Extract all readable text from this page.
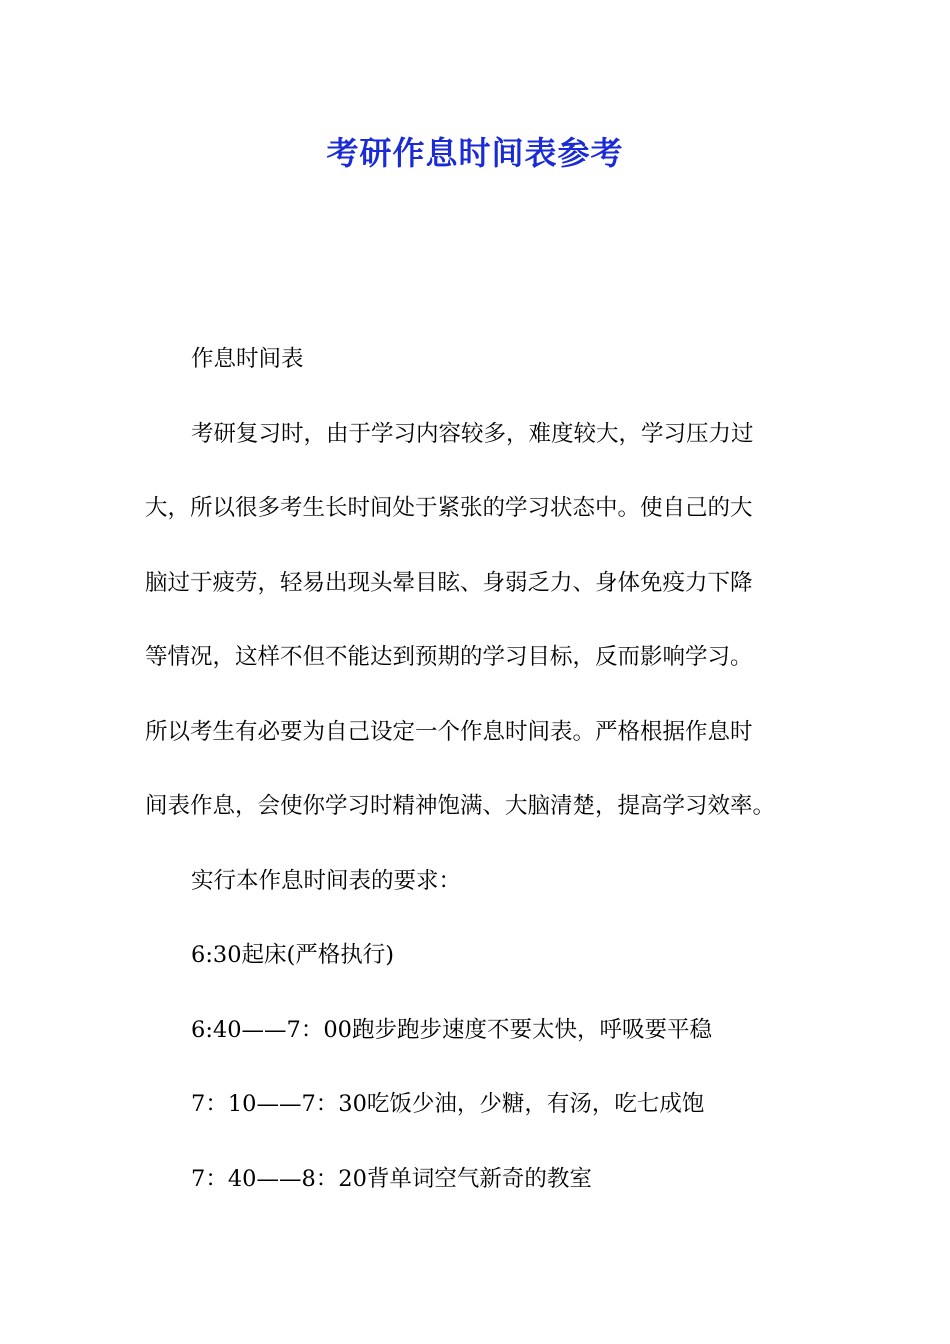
考研作息时间表参考
作息时间表
考研复习时，由于学习内容较多，难度较大，学习压力过
大，所以很多考生长时间处于紧张的学习状态中。使自己的大
脑过于疲劳，轻易出现头晕目眩、身弱乏力、身体免疫力下降
等情况，这样不但不能达到预期的学习目标，反而影响学习。
所以考生有必要为自己设定一个作息时间表。严格根据作息时
间表作息，会使你学习时精神饱满、大脑清楚，提高学习效率。
实行本作息时间表的要求：
6:30起床(严格执行)
6:40——7：00跑步跑步速度不要太快，呼吸要平稳
7：10——7：30吃饭少油，少糖，有汤，吃七成饱
7：40——8：20背单词空气新奇的教室
